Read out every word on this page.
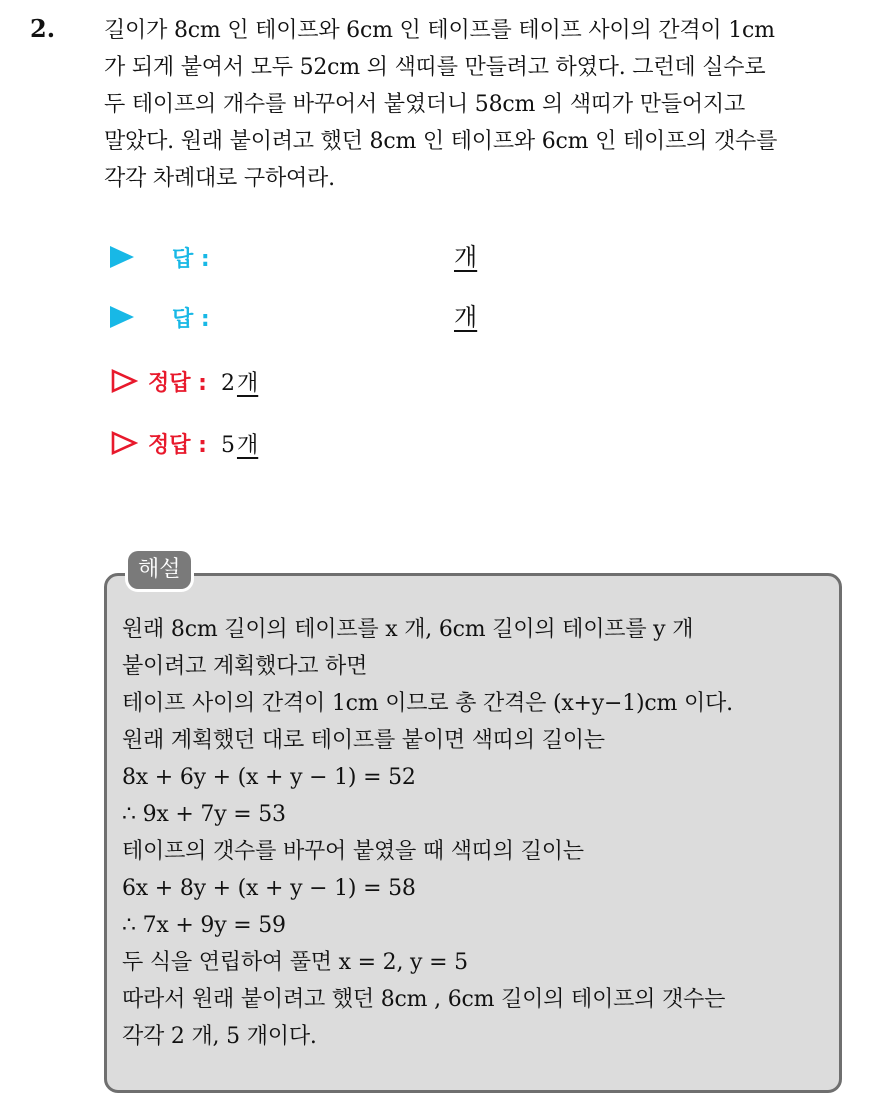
2. 길이가 8cm 인 테이프와 6cm 인 테이프를 테이프 사이의 간격이 1cm
가 되게 붙여서 모두 52cm 의 색띠를 만들려고 하였다. 그런데 실수로
두 테이프의 개수를 바꾸어서 붙였더니 58cm 의 색띠가 만들어지고
말았다. 원래 붙이려고 했던 8cm 인 테이프와 6cm 인 테이프의 갯수를
각각 차례대로 구하여라.
답 :	개
답 :	개
정답 : 2개
정답 : 5개
해설
원래 8cm 길이의 테이프를 x 개, 6cm 길이의 테이프를 y 개
붙이려고 계획했다고 하면
테이프 사이의 간격이 1cm 이므로 총 간격은 (x+y−1)cm 이다.
원래 계획했던 대로 테이프를 붙이면 색띠의 길이는
8x + 6y + (x + y − 1) = 52
∴ 9x + 7y = 53
테이프의 갯수를 바꾸어 붙였을 때 색띠의 길이는
6x + 8y + (x + y − 1) = 58
∴ 7x + 9y = 59
두 식을 연립하여 풀면 x = 2, y = 5
따라서 원래 붙이려고 했던 8cm , 6cm 길이의 테이프의 갯수는
각각 2 개, 5 개이다.
